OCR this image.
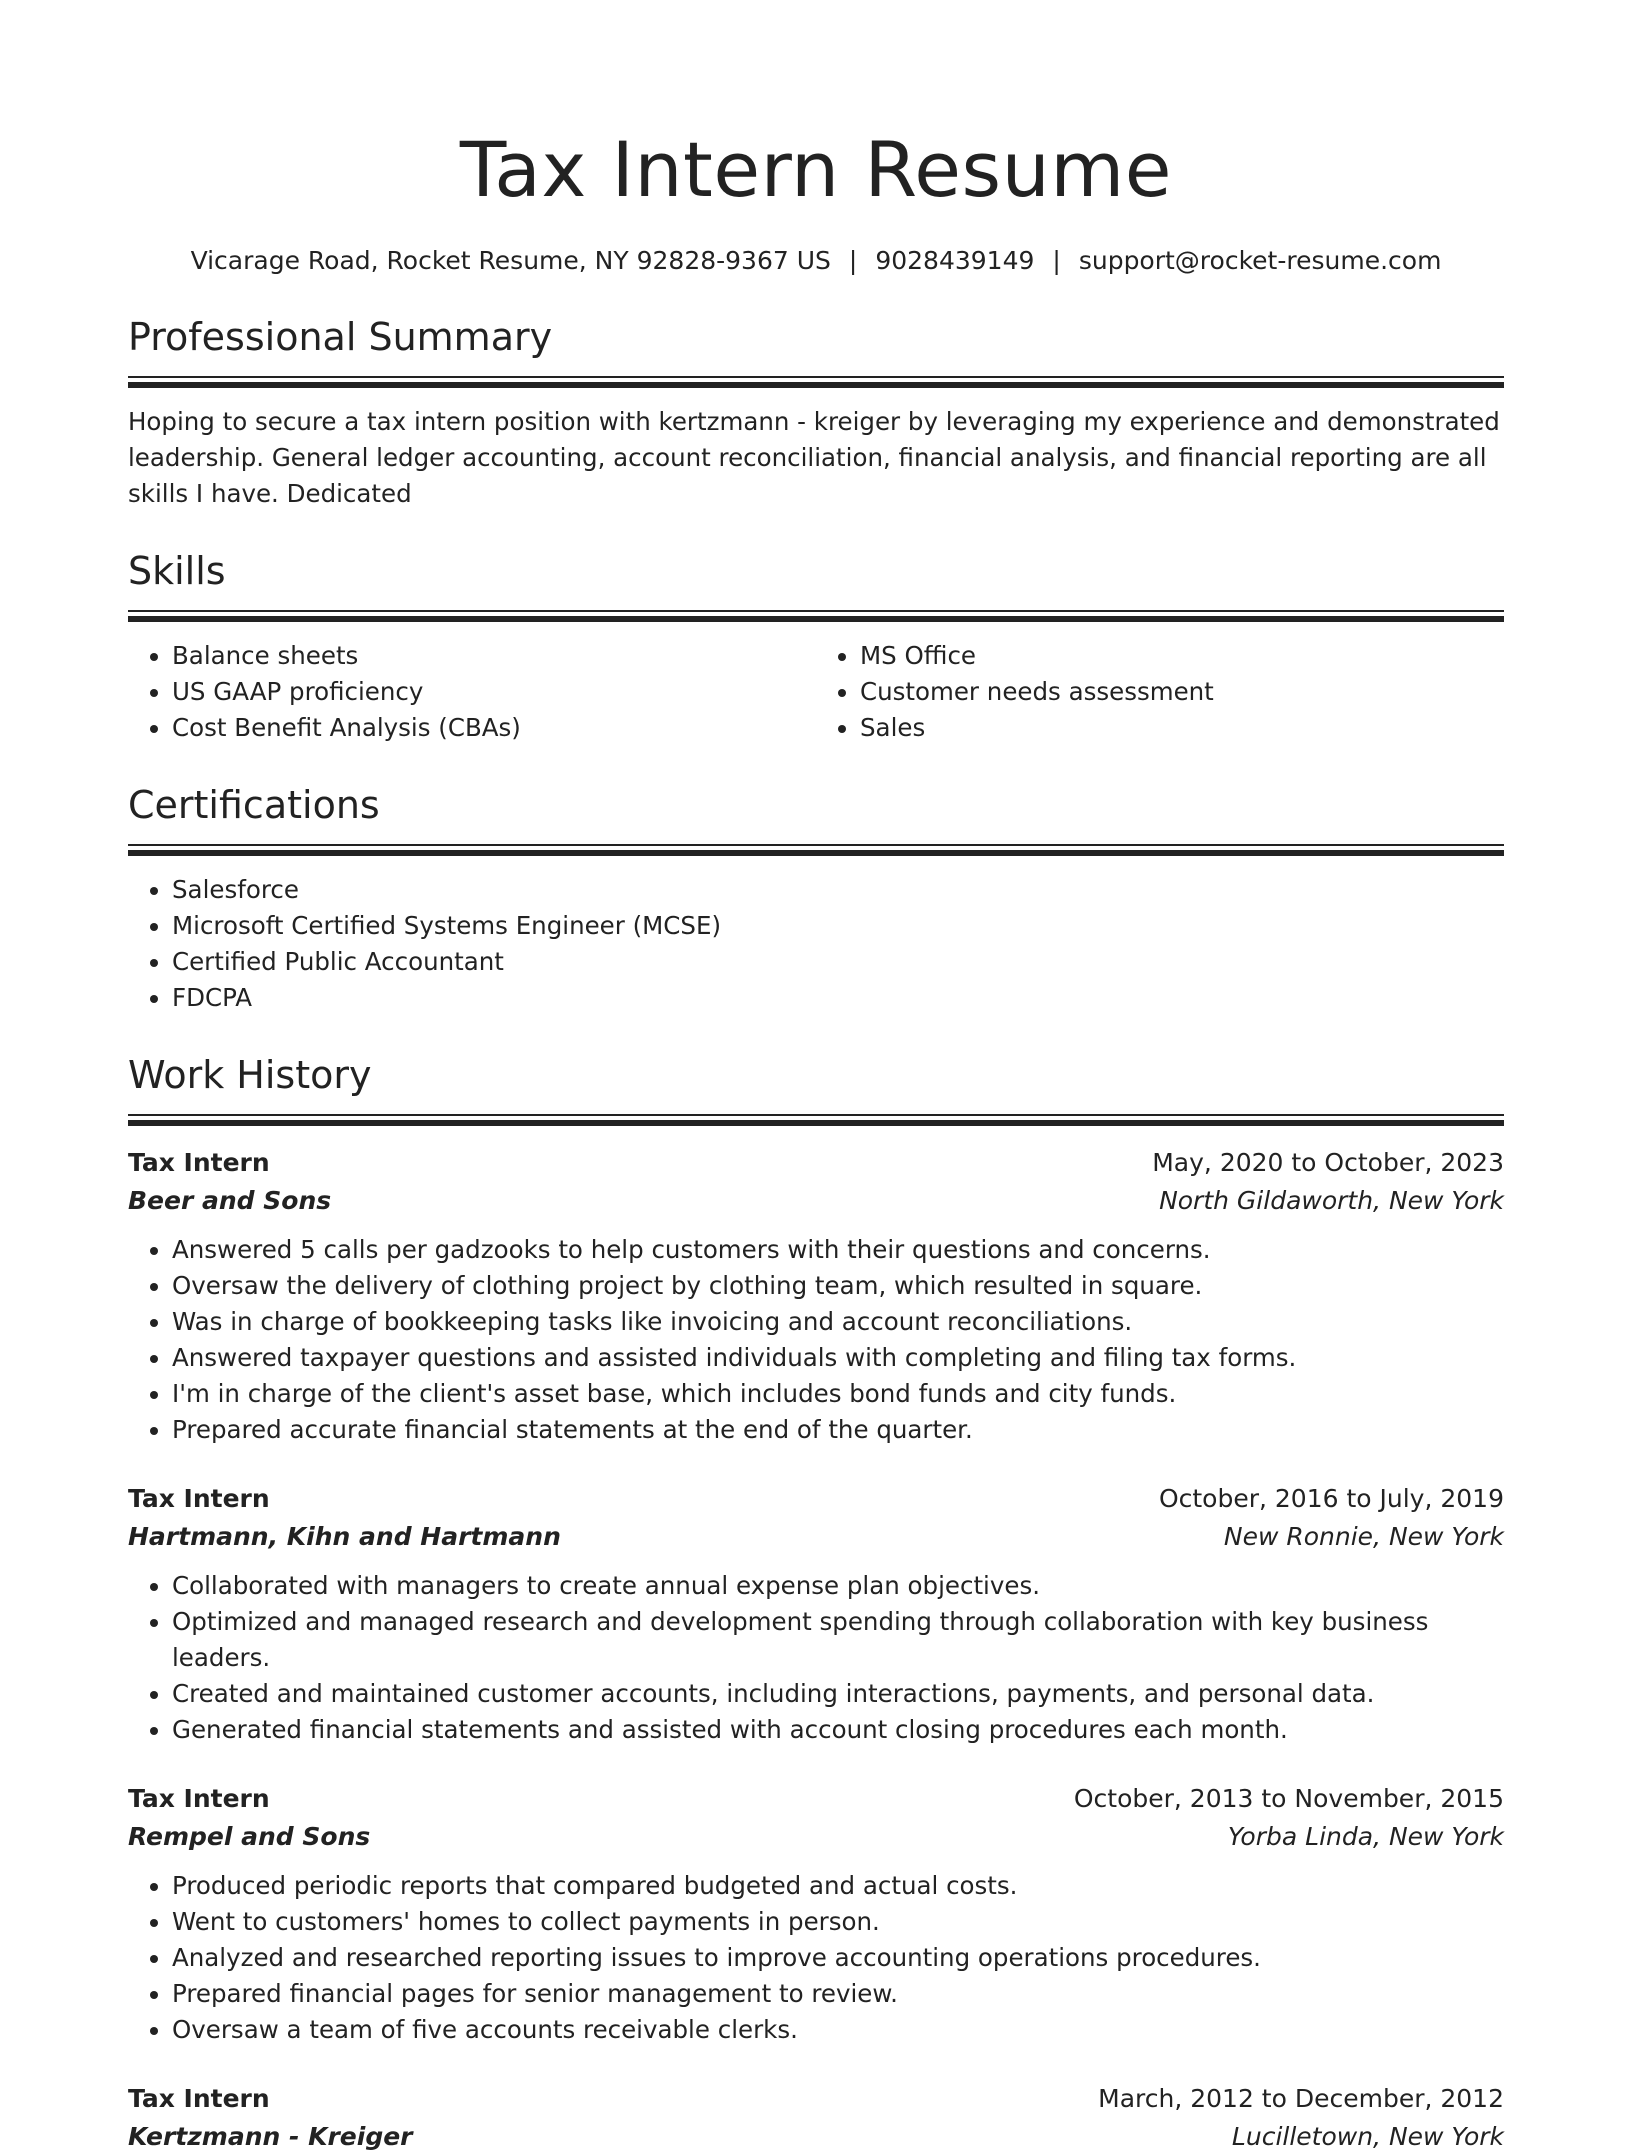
Tax Intern Resume
Vicarage Road, Rocket Resume, NY 92828-9367 US | 9028439149 | support@rocket-resume.com
Professional Summary

Hoping to secure a tax intern position with kertzmann - kreiger by leveraging my experience and demonstrated leadership. General ledger accounting, account reconciliation, financial analysis, and financial reporting are all skills I have. Dedicated

Skills
• Balance sheets
• US GAAP proficiency
• Cost Benefit Analysis (CBAs)
• MS Office
• Customer needs assessment
• Sales
Certifications
• Salesforce
• Microsoft Certified Systems Engineer (MCSE)
• Certified Public Accountant
• FDCPA
Work History
Tax Intern	May, 2020 to October, 2023
Beer and Sons	North Gildaworth, New York
• Answered 5 calls per gadzooks to help customers with their questions and concerns.
• Oversaw the delivery of clothing project by clothing team, which resulted in square.
• Was in charge of bookkeeping tasks like invoicing and account reconciliations.
• Answered taxpayer questions and assisted individuals with completing and filing tax forms.
• I'm in charge of the client's asset base, which includes bond funds and city funds.
• Prepared accurate financial statements at the end of the quarter.
Tax Intern	October, 2016 to July, 2019
Hartmann, Kihn and Hartmann	New Ronnie, New York
• Collaborated with managers to create annual expense plan objectives.
• Optimized and managed research and development spending through collaboration with key business leaders.
• Created and maintained customer accounts, including interactions, payments, and personal data.
• Generated financial statements and assisted with account closing procedures each month.
Tax Intern	October, 2013 to November, 2015
Rempel and Sons	Yorba Linda, New York
• Produced periodic reports that compared budgeted and actual costs.
• Went to customers' homes to collect payments in person.
• Analyzed and researched reporting issues to improve accounting operations procedures.
• Prepared financial pages for senior management to review.
• Oversaw a team of five accounts receivable clerks.
Tax Intern	March, 2012 to December, 2012
Kertzmann - Kreiger	Lucilletown, New York
